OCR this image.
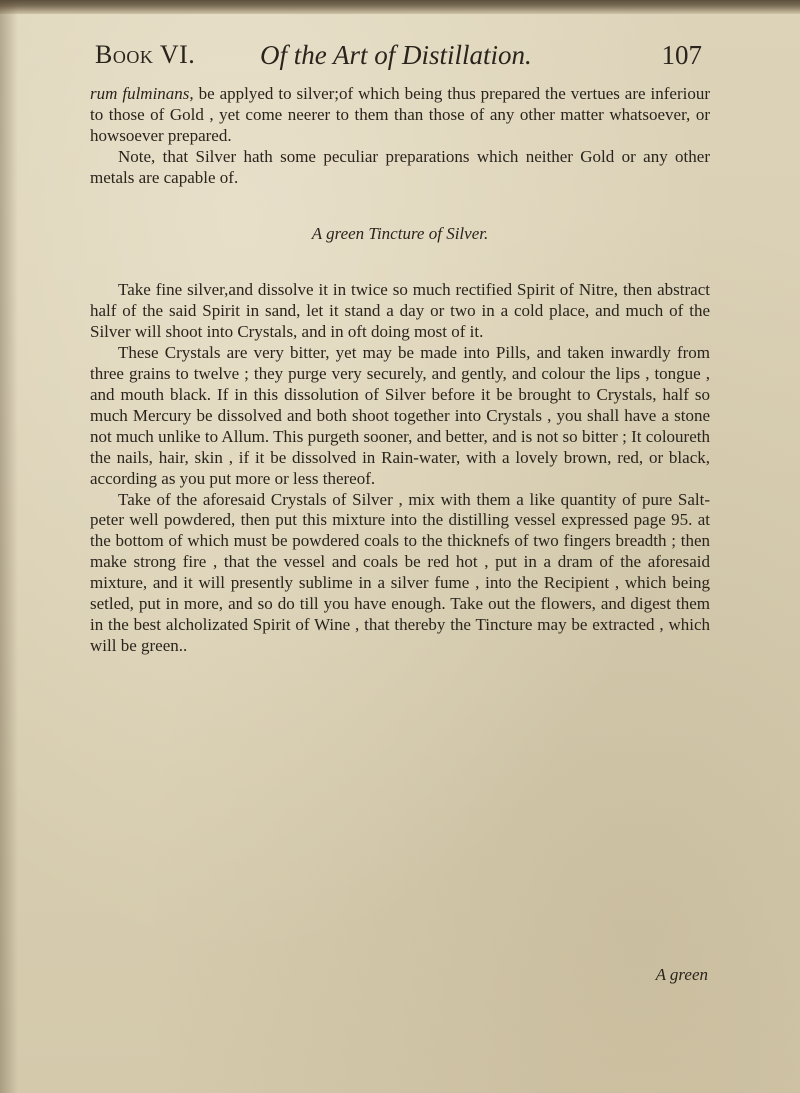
Book VI. Of the Art of Distillation.	107

rum fulminans, be applyed to silver;of which being thus prepared the vertues are inferiour to those of Gold , yet come neerer to them than those of any other matter whatsoever, or howsoever prepared.

Note, that Silver hath some peculiar preparations which neither Gold or any other metals are capable of.

A green Tincture of Silver.

Take fine silver,and dissolve it in twice so much rectified Spirit of Nitre, then abstract half of the said Spirit in sand, let it stand a day or two in a cold place, and much of the Silver will shoot into Crystals, and in oft doing most of it.

These Crystals are very bitter, yet may be made into Pills, and taken inwardly from three grains to twelve ; they purge very securely, and gently, and colour the lips , tongue , and mouth black. If in this dissolution of Silver before it be brought to Crystals, half so much Mercury be dissolved and both shoot together into Crystals , you shall have a stone not much unlike to Allum. This purgeth sooner, and better, and is not so bitter ; It coloureth the nails, hair, skin , if it be dissolved in Rain-water, with a lovely brown, red, or black, according as you put more or less thereof.

Take of the aforesaid Crystals of Silver , mix with them a like quantity of pure Salt-peter well powdered, then put this mixture into the distilling vessel expressed page 95. at the bottom of which must be powdered coals to the thicknefs of two fingers breadth ; then make strong fire , that the vessel and coals be red hot , put in a dram of the aforesaid mixture, and it will presently sublime in a silver fume , into the Recipient , which being setled, put in more, and so do till you have enough. Take out the flowers, and digest them in the best alcholizated Spirit of Wine , that thereby the Tincture may be extracted , which will be green..

A green
